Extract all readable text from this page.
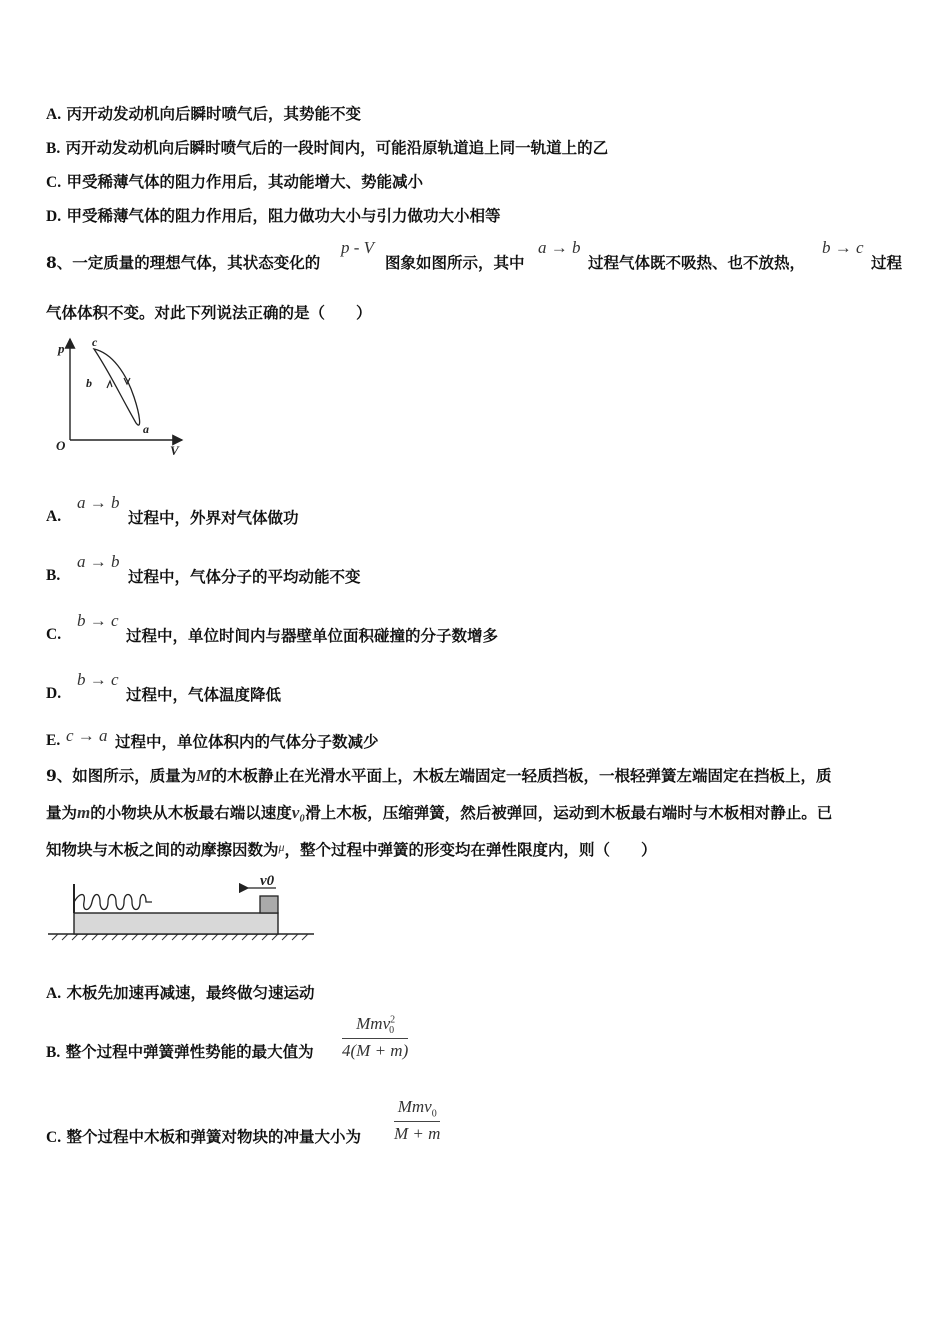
A. 丙开动发动机向后瞬时喷气后，其势能不变
B. 丙开动发动机向后瞬时喷气后的一段时间内，可能沿原轨道追上同一轨道上的乙
C. 甲受稀薄气体的阻力作用后，其动能增大、势能减小
D. 甲受稀薄气体的阻力作用后，阻力做功大小与引力做功大小相等
8、一定质量的理想气体，其状态变化的
p - V
图象如图所示，其中
a → b
过程气体既不吸热、也不放热，
b → c
过程
气体体积不变。对此下列说法正确的是（　　）
p
V
O
a
b
c
A.
a → b
过程中，外界对气体做功
B.
a → b
过程中，气体分子的平均动能不变
C.
b → c
过程中，单位时间内与器壁单位面积碰撞的分子数增多
D.
b → c
过程中，气体温度降低
E. c → a 过程中，单位体积内的气体分子数减少
9、如图所示，质量为M的木板静止在光滑水平面上，木板左端固定一轻质挡板，一根轻弹簧左端固定在挡板上，质
量为m的小物块从木板最右端以速度v₀滑上木板，压缩弹簧，然后被弹回，运动到木板最右端时与木板相对静止。已
知物块与木板之间的动摩擦因数为$^\mu$，整个过程中弹簧的形变均在弹性限度内，则（　　）
v0
A. 木板先加速再减速，最终做匀速运动
B. 整个过程中弹簧弹性势能的最大值为
Mmv$^2_0$
4(M + m)
C. 整个过程中木板和弹簧对物块的冲量大小为
Mmv$_0$
M + m
